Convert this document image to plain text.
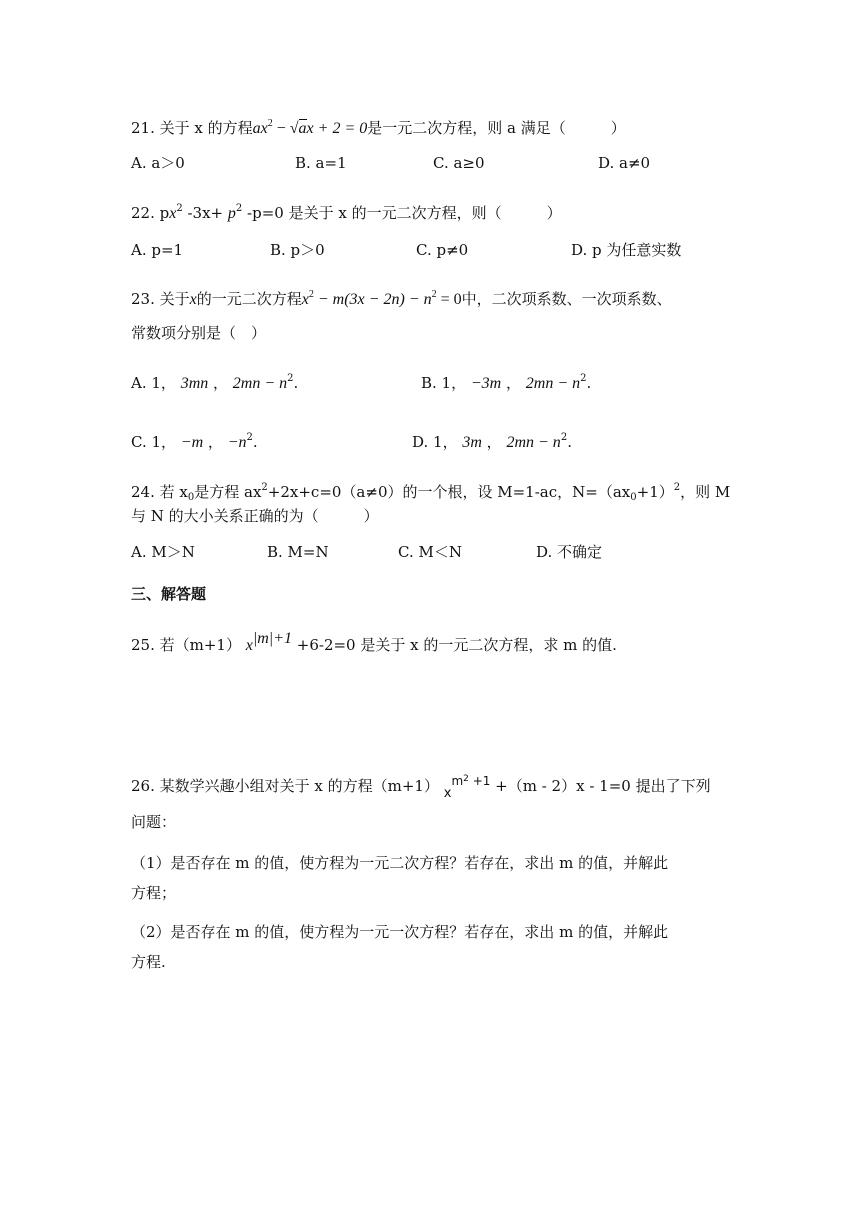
21. 关于 x 的方程$ax^2 - √ax + 2 = 0$是一元二次方程，则 a 满足（　　　）
A. a＞0	B. a=1	C. a≥0	D. a≠0
22. $px^2$ $-3x+ p^2$ -p=0 是关于 x 的一元二次方程，则（　　　）
A. p=1	B. p＞0	C. p≠0	D. p 为任意实数
23. 关于x的一元二次方程$x^2 - m(3x - 2n) - n^2 = 0$中，二次项系数、一次项系数、
常数项分别是（　）
A. 1， 3mn ， $2mn - n^2$.	B. 1， −3m ， $2mn - n^2$.
C. 1， −m ， $-n^2$.	D. 1， 3m ， $2mn - n^2$.
24. 若 $x_0$是方程 $ax^2+2x+c=0(a\ne 0)$的一个根，设 M=1-ac，$N=(ax_0+1)^2$，则 M
与 N 的大小关系正确的为（　　　）
A. M＞N	B. M=N	C. M＜N	D. 不确定
三、解答题
25. 若（m+1） $x^{|m|+1} +6-2=0$ 是关于 x 的一元二次方程，求 m 的值.
26. 某数学兴趣小组对关于 x 的方程（m+1） $x^{m^2 +1} +(m - 2)x - 1=0$ 提出了下列
问题：
（1）是否存在 m 的值，使方程为一元二次方程？若存在，求出 m 的值，并解此
方程；
（2）是否存在 m 的值，使方程为一元一次方程？若存在，求出 m 的值，并解此
方程.
